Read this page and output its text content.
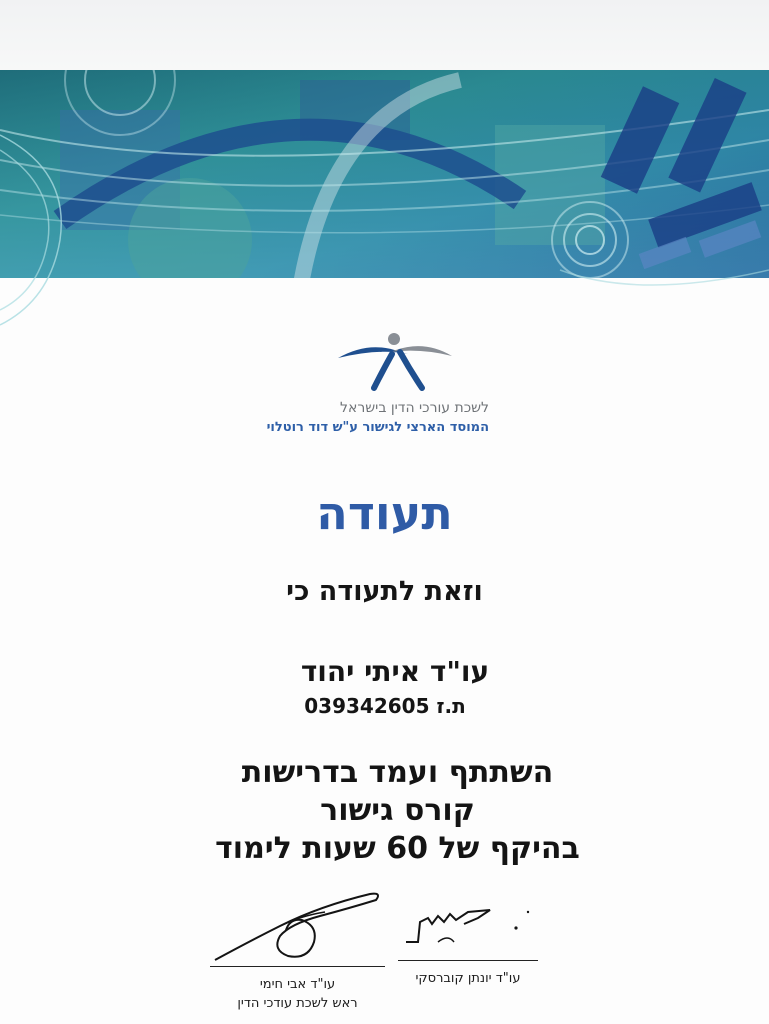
לשכת עורכי הדין בישראל
המוסד הארצי לגישור ע"ש דוד רוטלוי
תעודה
וזאת לתעודה כי
עו"ד איתי יהוד
ת.ז 039342605
השתתף ועמד בדרישות
קורס גישור
בהיקף של 60 שעות לימוד
עו"ד אבי חימי
ראש לשכת עודכי הדין
עו"ד יונתן קוברסקי
